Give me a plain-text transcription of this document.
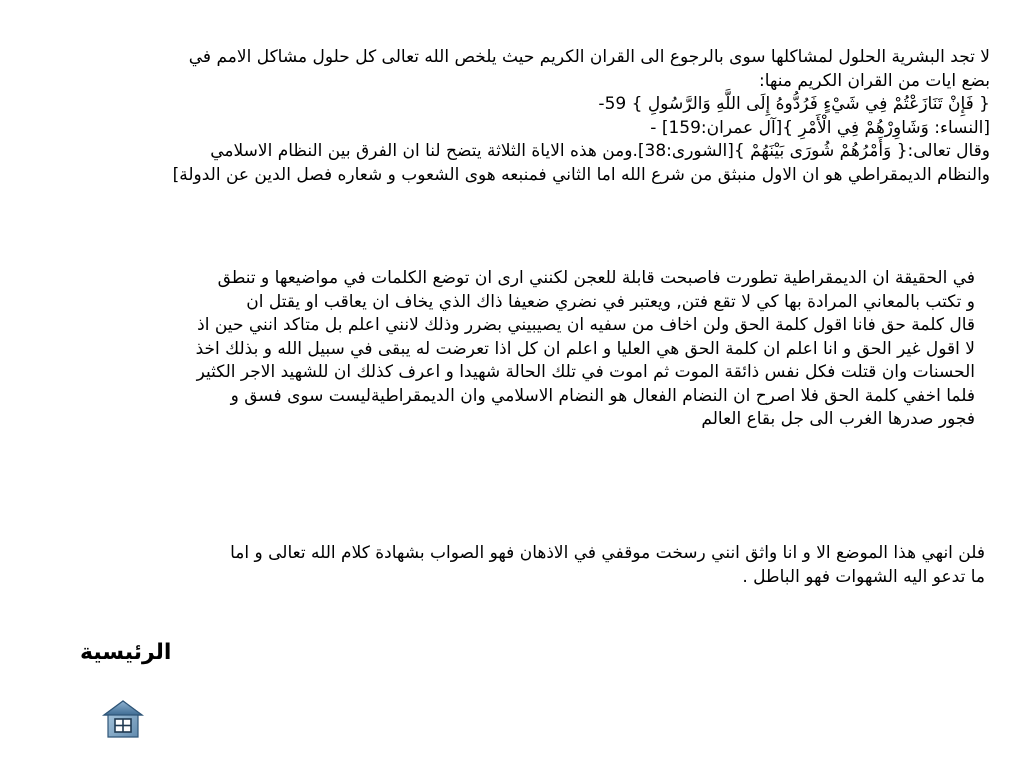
لا تجد البشرية الحلول لمشاكلها سوى بالرجوع الى القران الكريم حيث يلخص الله تعالى كل حلول مشاكل الامم في

بضع ايات من القران الكريم منها:

{ فَإِنْ تَنَازَعْتُمْ فِي شَيْءٍ فَرُدُّوهُ إِلَى اللَّهِ وَالرَّسُولِ } 59-

[النساء: وَشَاوِرْهُمْ فِي الْأَمْرِ }[آل عمران:159] -

وقال تعالى:{ وَأَمْرُهُمْ شُورَى بَيْنَهُمْ }[الشورى:38].ومن هذه الاياة الثلاثة يتضح لنا ان الفرق بين النظام الاسلامي

والنظام الديمقراطي هو ان الاول منبثق من شرع الله اما الثاني فمنبعه هوى الشعوب و شعاره فصل الدين عن الدولة]

في الحقيقة ان الديمقراطية تطورت فاصبحت قابلة للعجن لكنني ارى ان توضع الكلمات في مواضيعها و تنطق

و تكتب بالمعاني المرادة بها كي لا تقع فتن, ويعتبر في نضري ضعيفا ذاك الذي يخاف ان يعاقب او يقتل ان

قال كلمة حق فانا اقول كلمة الحق ولن اخاف من سفيه ان يصيبيني بضرر وذلك لانني اعلم بل متاكد انني حين اذ

لا اقول غير الحق و انا اعلم ان كلمة الحق هي العليا و اعلم ان كل اذا تعرضت له يبقى في سبيل الله و بذلك اخذ

الحسنات وان قتلت فكل نفس ذائقة الموت ثم اموت في تلك الحالة شهيدا و اعرف كذلك ان للشهيد الاجر الكثير

فلما اخفي كلمة الحق فلا اصرح ان النضام الفعال هو النضام الاسلامي وان الديمقراطيةليست سوى فسق و

فجور صدرها الغرب الى جل بقاع العالم

فلن انهي هذا الموضع الا و انا واثق انني رسخت موقفي في الاذهان فهو الصواب بشهادة كلام الله تعالى و اما

ما تدعو اليه الشهوات فهو الباطل .

الرئيسية
